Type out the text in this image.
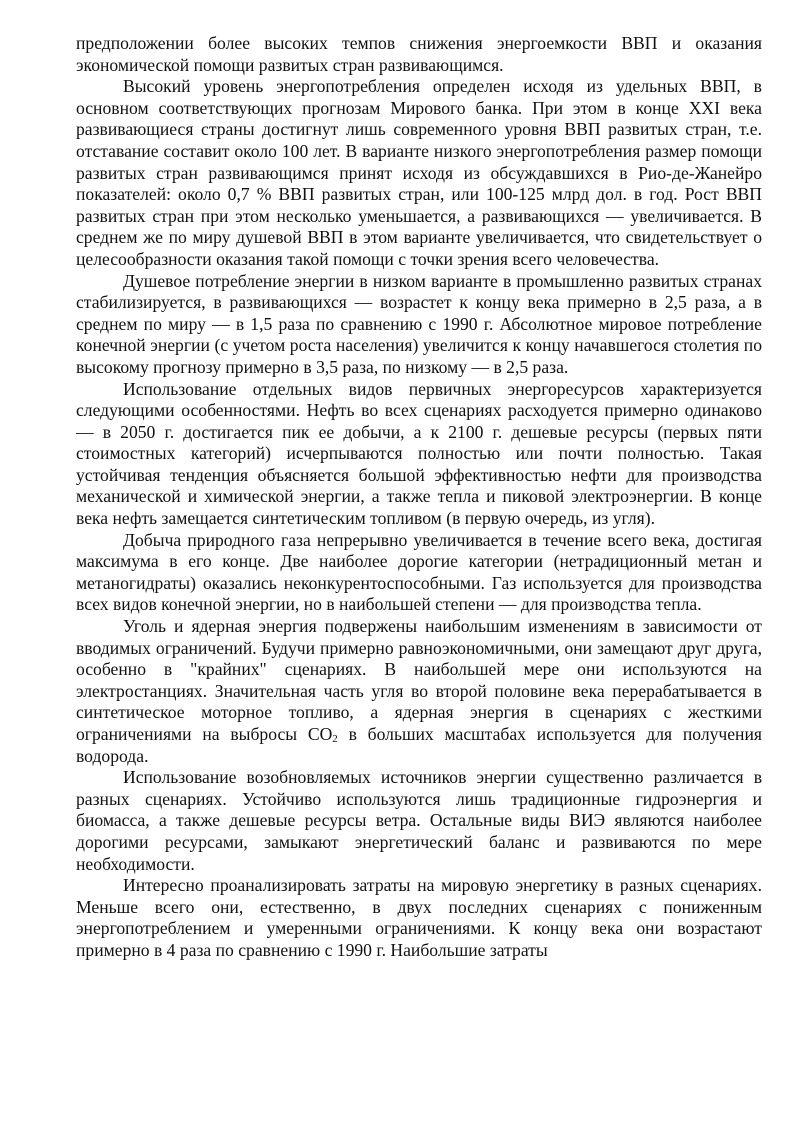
предположении более высоких темпов снижения энергоемкости ВВП и оказания экономической помощи развитых стран развивающимся.

Высокий уровень энергопотребления определен исходя из удельных ВВП, в основном соответствующих прогнозам Мирового банка. При этом в конце XXI века развивающиеся страны достигнут лишь современного уровня ВВП развитых стран, т.е. отставание составит около 100 лет. В варианте низкого энергопотребления размер помощи развитых стран развивающимся принят исходя из обсуждавшихся в Рио-де-Жанейро показателей: около 0,7 % ВВП развитых стран, или 100-125 млрд дол. в год. Рост ВВП развитых стран при этом несколько уменьшается, а развивающихся — увеличивается. В среднем же по миру душевой ВВП в этом варианте увеличивается, что свидетельствует о целесообразности оказания такой помощи с точки зрения всего человечества.

Душевое потребление энергии в низком варианте в промышленно развитых странах стабилизируется, в развивающихся — возрастет к концу века примерно в 2,5 раза, а в среднем по миру — в 1,5 раза по сравнению с 1990 г. Абсолютное мировое потребление конечной энергии (с учетом роста населения) увеличится к концу начавшегося столетия по высокому прогнозу примерно в 3,5 раза, по низкому — в 2,5 раза.

Использование отдельных видов первичных энергоресурсов характеризуется следующими особенностями. Нефть во всех сценариях расходуется примерно одинаково — в 2050 г. достигается пик ее добычи, а к 2100 г. дешевые ресурсы (первых пяти стоимостных категорий) исчерпываются полностью или почти полностью. Такая устойчивая тенденция объясняется большой эффективностью нефти для производства механической и химической энергии, а также тепла и пиковой электроэнергии. В конце века нефть замещается синтетическим топливом (в первую очередь, из угля).

Добыча природного газа непрерывно увеличивается в течение всего века, достигая максимума в его конце. Две наиболее дорогие категории (нетрадиционный метан и метаногидраты) оказались неконкурентоспособными. Газ используется для производства всех видов конечной энергии, но в наибольшей степени — для производства тепла.

Уголь и ядерная энергия подвержены наибольшим изменениям в зависимости от вводимых ограничений. Будучи примерно равноэкономичными, они замещают друг друга, особенно в "крайних" сценариях. В наибольшей мере они используются на электростанциях. Значительная часть угля во второй половине века перерабатывается в синтетическое моторное топливо, а ядерная энергия в сценариях с жесткими ограничениями на выбросы $CO_2$ в больших масштабах используется для получения водорода.

Использование возобновляемых источников энергии существенно различается в разных сценариях. Устойчиво используются лишь традиционные гидроэнергия и биомасса, а также дешевые ресурсы ветра. Остальные виды ВИЭ являются наиболее дорогими ресурсами, замыкают энергетический баланс и развиваются по мере необходимости.

Интересно проанализировать затраты на мировую энергетику в разных сценариях. Меньше всего они, естественно, в двух последних сценариях с пониженным энергопотреблением и умеренными ограничениями. К концу века они возрастают примерно в 4 раза по сравнению с 1990 г. Наибольшие затраты
